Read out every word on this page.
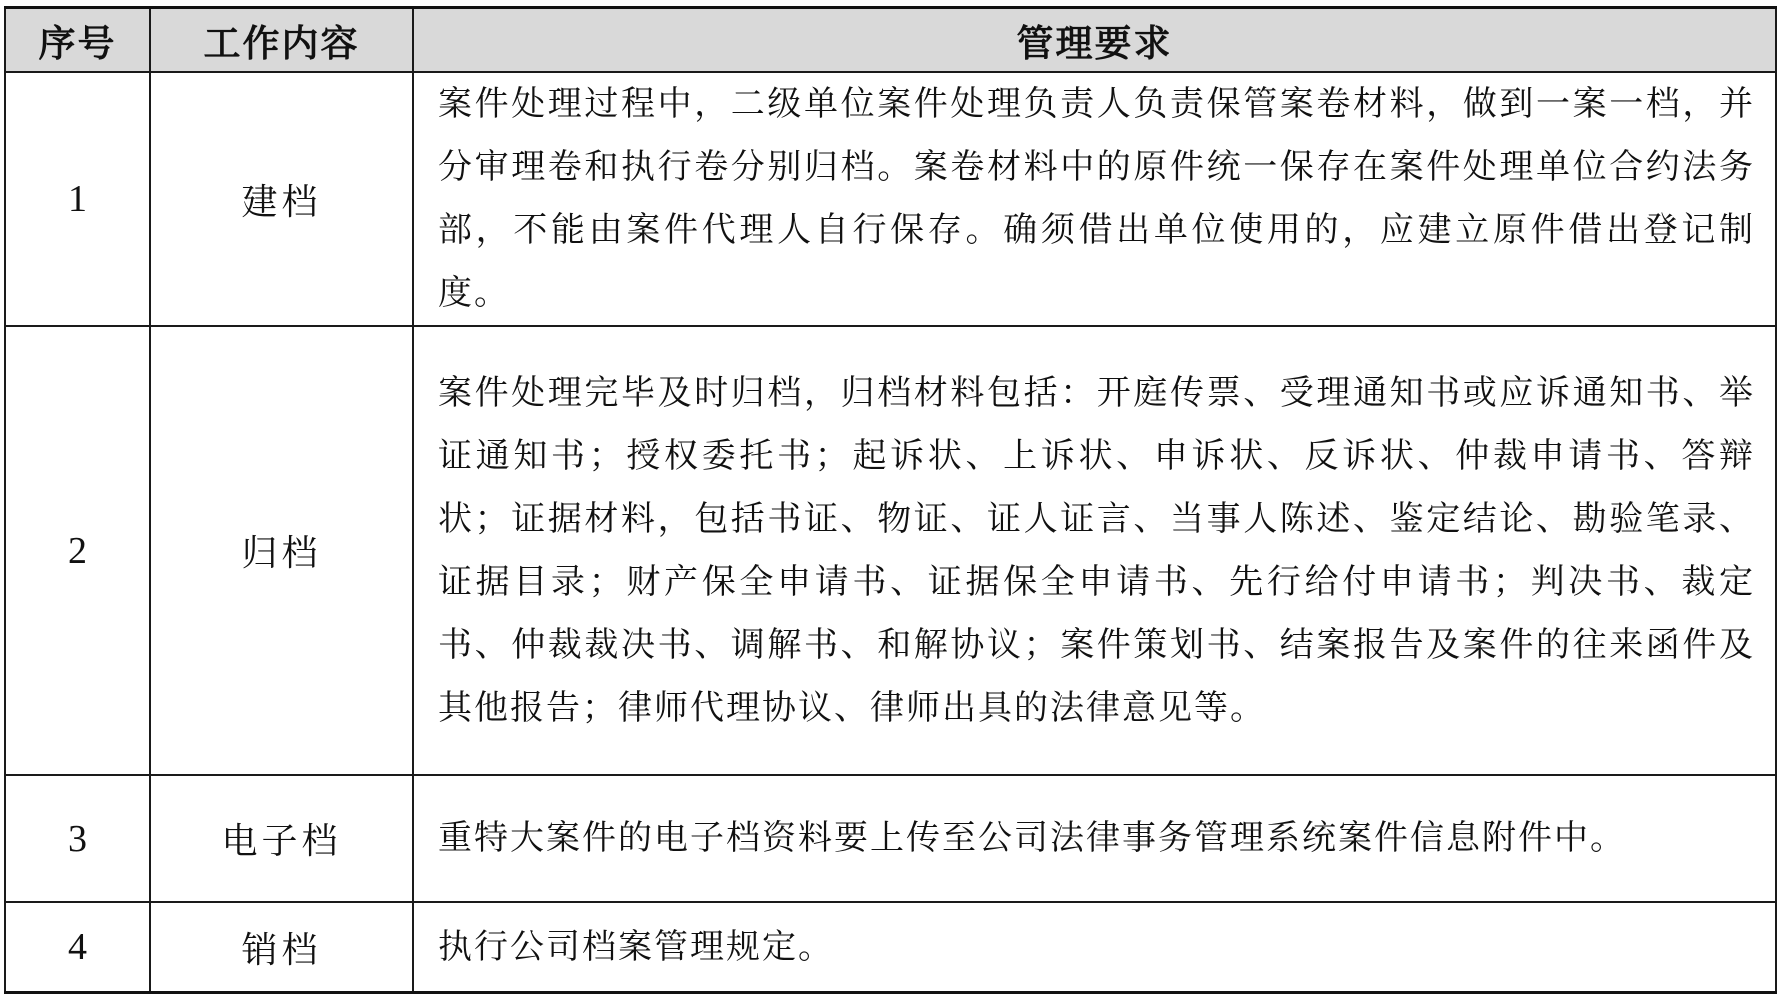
序号	工作内容	管理要求
1	建档	案件处理过程中，二级单位案件处理负责人负责保管案卷材料，做到一案一档，并分审理卷和执行卷分别归档。案卷材料中的原件统一保存在案件处理单位合约法务部，不能由案件代理人自行保存。确须借出单位使用的，应建立原件借出登记制度。
2	归档	案件处理完毕及时归档，归档材料包括：开庭传票、受理通知书或应诉通知书、举证通知书；授权委托书；起诉状、上诉状、申诉状、反诉状、仲裁申请书、答辩状；证据材料，包括书证、物证、证人证言、当事人陈述、鉴定结论、勘验笔录、证据目录；财产保全申请书、证据保全申请书、先行给付申请书；判决书、裁定书、仲裁裁决书、调解书、和解协议；案件策划书、结案报告及案件的往来函件及其他报告；律师代理协议、律师出具的法律意见等。
3	电子档	重特大案件的电子档资料要上传至公司法律事务管理系统案件信息附件中。
4	销档	执行公司档案管理规定。
